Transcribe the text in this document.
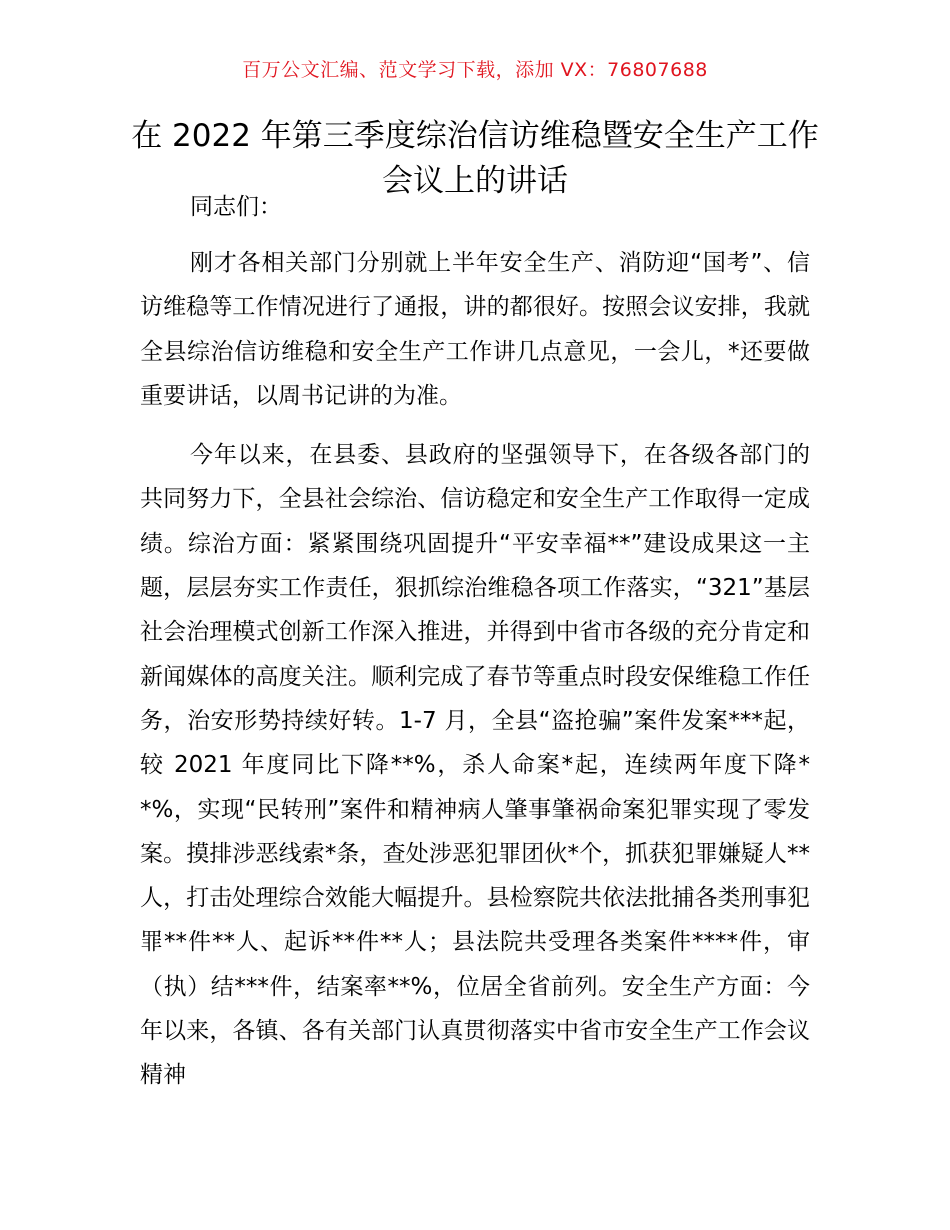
百万公文汇编、范文学习下载，添加 VX：76807688
在 2022 年第三季度综治信访维稳暨安全生产工作会议上的讲话

同志们：

刚才各相关部门分别就上半年安全生产、消防迎“国考”、信访维稳等工作情况进行了通报，讲的都很好。按照会议安排，我就全县综治信访维稳和安全生产工作讲几点意见，一会儿，*还要做重要讲话，以周书记讲的为准。

今年以来，在县委、县政府的坚强领导下，在各级各部门的共同努力下，全县社会综治、信访稳定和安全生产工作取得一定成绩。综治方面：紧紧围绕巩固提升“平安幸福**”建设成果这一主题，层层夯实工作责任，狠抓综治维稳各项工作落实，“321”基层社会治理模式创新工作深入推进，并得到中省市各级的充分肯定和新闻媒体的高度关注。顺利完成了春节等重点时段安保维稳工作任务，治安形势持续好转。1-7 月，全县“盗抢骗”案件发案***起，较 2021 年度同比下降**%，杀人命案*起，连续两年度下降**%，实现“民转刑”案件和精神病人肇事肇祸命案犯罪实现了零发案。摸排涉恶线索*条，查处涉恶犯罪团伙*个，抓获犯罪嫌疑人**人，打击处理综合效能大幅提升。县检察院共依法批捕各类刑事犯罪**件**人、起诉**件**人；县法院共受理各类案件****件，审（执）结***件，结案率**%，位居全省前列。安全生产方面：今年以来，各镇、各有关部门认真贯彻落实中省市安全生产工作会议精神
